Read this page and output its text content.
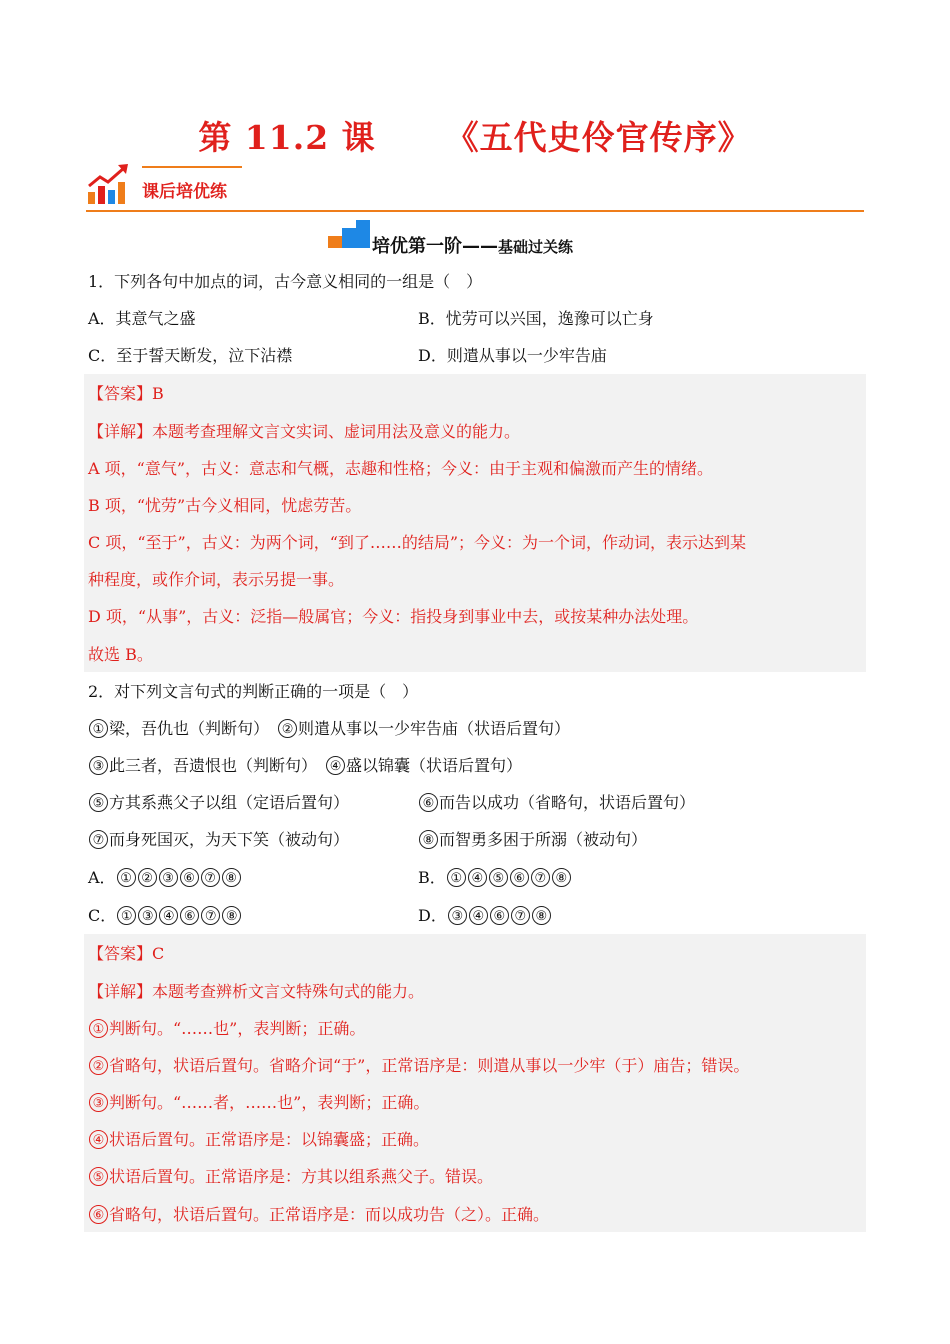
第 11.2 课 《五代史伶官传序》
课后培优练
培优第一阶——基础过关练
1．下列各句中加点的词，古今意义相同的一组是（　）
A．其意气之盛	B．忧劳可以兴国，逸豫可以亡身
C．至于誓天断发，泣下沾襟	D．则遣从事以一少牢告庙
【答案】B
【详解】本题考查理解文言文实词、虚词用法及意义的能力。
A 项，“意气”，古义：意志和气概，志趣和性格；今义：由于主观和偏激而产生的情绪。
B 项，“忧劳”古今义相同，忧虑劳苦。
C 项，“至于”，古义：为两个词，“到了……的结局”；今义：为一个词，作动词，表示达到某
种程度，或作介词，表示另提一事。
D 项，“从事”，古义：泛指—般属官；今义：指投身到事业中去，或按某种办法处理。
故选 B。
2．对下列文言句式的判断正确的一项是（　）
① 梁，吾仇也（判断句）　 ② 则遣从事以一少牢告庙（状语后置句）
③ 此三者，吾遗恨也（判断句）　 ④ 盛以锦囊（状语后置句）
⑤ 方其系燕父子以组（定语后置句）	⑥ 而告以成功（省略句，状语后置句）
⑦ 而身死国灭，为天下笑（被动句）	⑧ 而智勇多困于所溺（被动句）
A． ① ② ③ ⑥ ⑦ ⑧	B． ① ④ ⑤ ⑥ ⑦ ⑧
C． ① ③ ④ ⑥ ⑦ ⑧	D． ③ ④ ⑥ ⑦ ⑧
【答案】C
【详解】本题考查辨析文言文特殊句式的能力。
① 判断句。“……也”，表判断；正确。
② 省略句，状语后置句。省略介词“于”，正常语序是：则遣从事以一少牢（于）庙告；错误。
③ 判断句。“……者，……也”，表判断；正确。
④ 状语后置句。正常语序是：以锦囊盛；正确。
⑤ 状语后置句。正常语序是：方其以组系燕父子。错误。
⑥ 省略句，状语后置句。正常语序是：而以成功告（之）。正确。
